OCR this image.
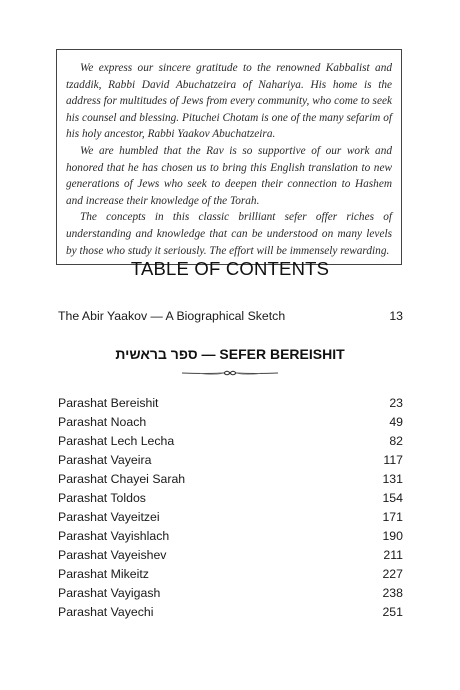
We express our sincere gratitude to the renowned Kabbalist and tzaddik, Rabbi David Abuchatzeira of Nahariya. His home is the address for multitudes of Jews from every community, who come to seek his counsel and blessing. Pituchei Chotam is one of the many sefarim of his holy ancestor, Rabbi Yaakov Abuchatzeira.

We are humbled that the Rav is so supportive of our work and honored that he has chosen us to bring this English translation to new generations of Jews who seek to deepen their connection to Hashem and increase their knowledge of the Torah.

The concepts in this classic brilliant sefer offer riches of understanding and knowledge that can be understood on many levels by those who study it seriously. The effort will be immensely rewarding.

TABLE OF CONTENTS
The Abir Yaakov — A Biographical Sketch	13
ספר בראשית — SEFER BEREISHIT
Parashat Bereishit	23
Parashat Noach	49
Parashat Lech Lecha	82
Parashat Vayeira	117
Parashat Chayei Sarah	131
Parashat Toldos	154
Parashat Vayeitzei	171
Parashat Vayishlach	190
Parashat Vayeishev	211
Parashat Mikeitz	227
Parashat Vayigash	238
Parashat Vayechi	251
